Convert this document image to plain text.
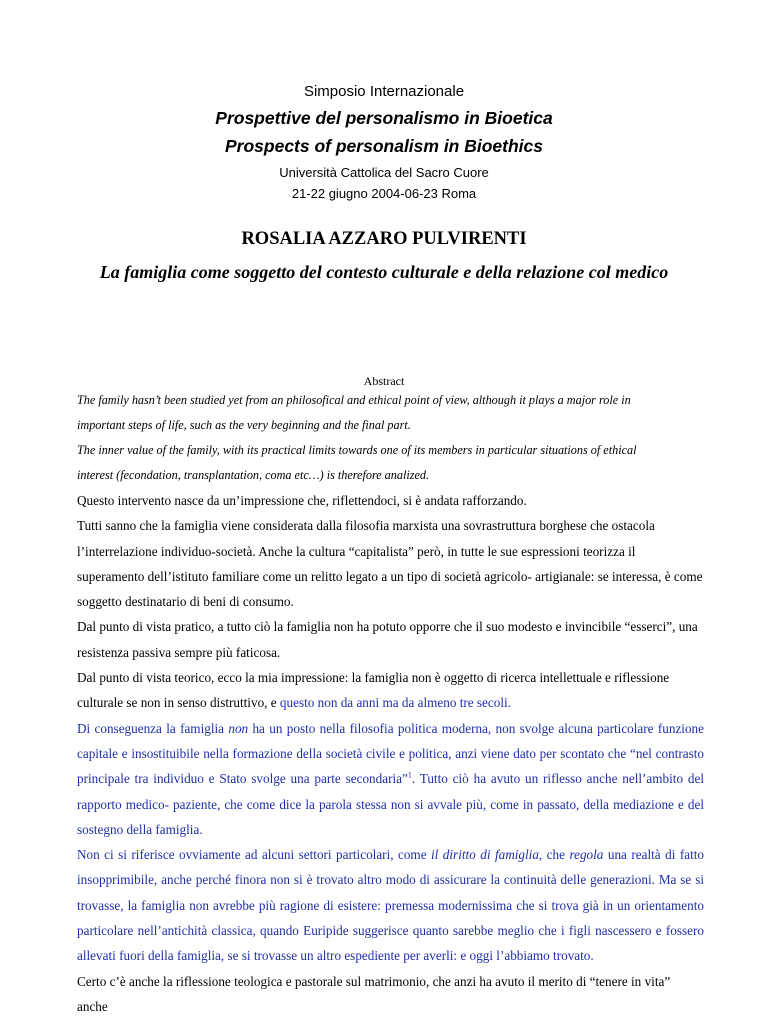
Simposio Internazionale
Prospettive del personalismo in Bioetica
Prospects of personalism in Bioethics
Università Cattolica del Sacro Cuore
21-22 giugno 2004-06-23 Roma
ROSALIA AZZARO PULVIRENTI
La famiglia come soggetto del contesto culturale e della relazione col medico
Abstract
The family hasn’t been studied yet from an philosofical and ethical point of view, although it plays a major role in
important steps of life, such as the very beginning and the final part.
The inner value of the family, with its practical limits towards one of its members in particular situations of ethical
interest (fecondation, transplantation, coma etc…) is therefore analized.

Questo intervento nasce da un’impressione che, riflettendoci, si è andata rafforzando.

Tutti sanno che la famiglia viene considerata dalla filosofia marxista una sovrastruttura borghese che ostacola l’interrelazione individuo-società. Anche la cultura “capitalista” però, in tutte le sue espressioni teorizza il superamento dell’istituto familiare come un relitto legato a un tipo di società agricolo- artigianale: se interessa, è come soggetto destinatario di beni di consumo.

Dal punto di vista pratico, a tutto ciò la famiglia non ha potuto opporre che il suo modesto e invincibile “esserci”, una resistenza passiva sempre più faticosa.

Dal punto di vista teorico, ecco la mia impressione: la famiglia non è oggetto di ricerca intellettuale e riflessione culturale se non in senso distruttivo, e questo non da anni ma da almeno tre secoli.

Di conseguenza la famiglia non ha un posto nella filosofia politica moderna, non svolge alcuna particolare funzione capitale e insostituibile nella formazione della società civile e politica, anzi viene dato per scontato che “nel contrasto principale tra individuo e Stato svolge una parte secondaria”$^1$. Tutto ciò ha avuto un riflesso anche nell’ambito del rapporto medico- paziente, che come dice la parola stessa non si avvale più, come in passato, della mediazione e del sostegno della famiglia.

Non ci si riferisce ovviamente ad alcuni settori particolari, come il diritto di famiglia, che regola una realtà di fatto insopprimibile, anche perché finora non si è trovato altro modo di assicurare la continuità delle generazioni. Ma se si trovasse, la famiglia non avrebbe più ragione di esistere: premessa modernissima che si trova già in un orientamento particolare nell’antichità classica, quando Euripide suggerisce quanto sarebbe meglio che i figli nascessero e fossero allevati fuori della famiglia, se si trovasse un altro espediente per averli: e oggi l’abbiamo trovato.

Certo c’è anche la riflessione teologica e pastorale sul matrimonio, che anzi ha avuto il merito di “tenere in vita” anche
